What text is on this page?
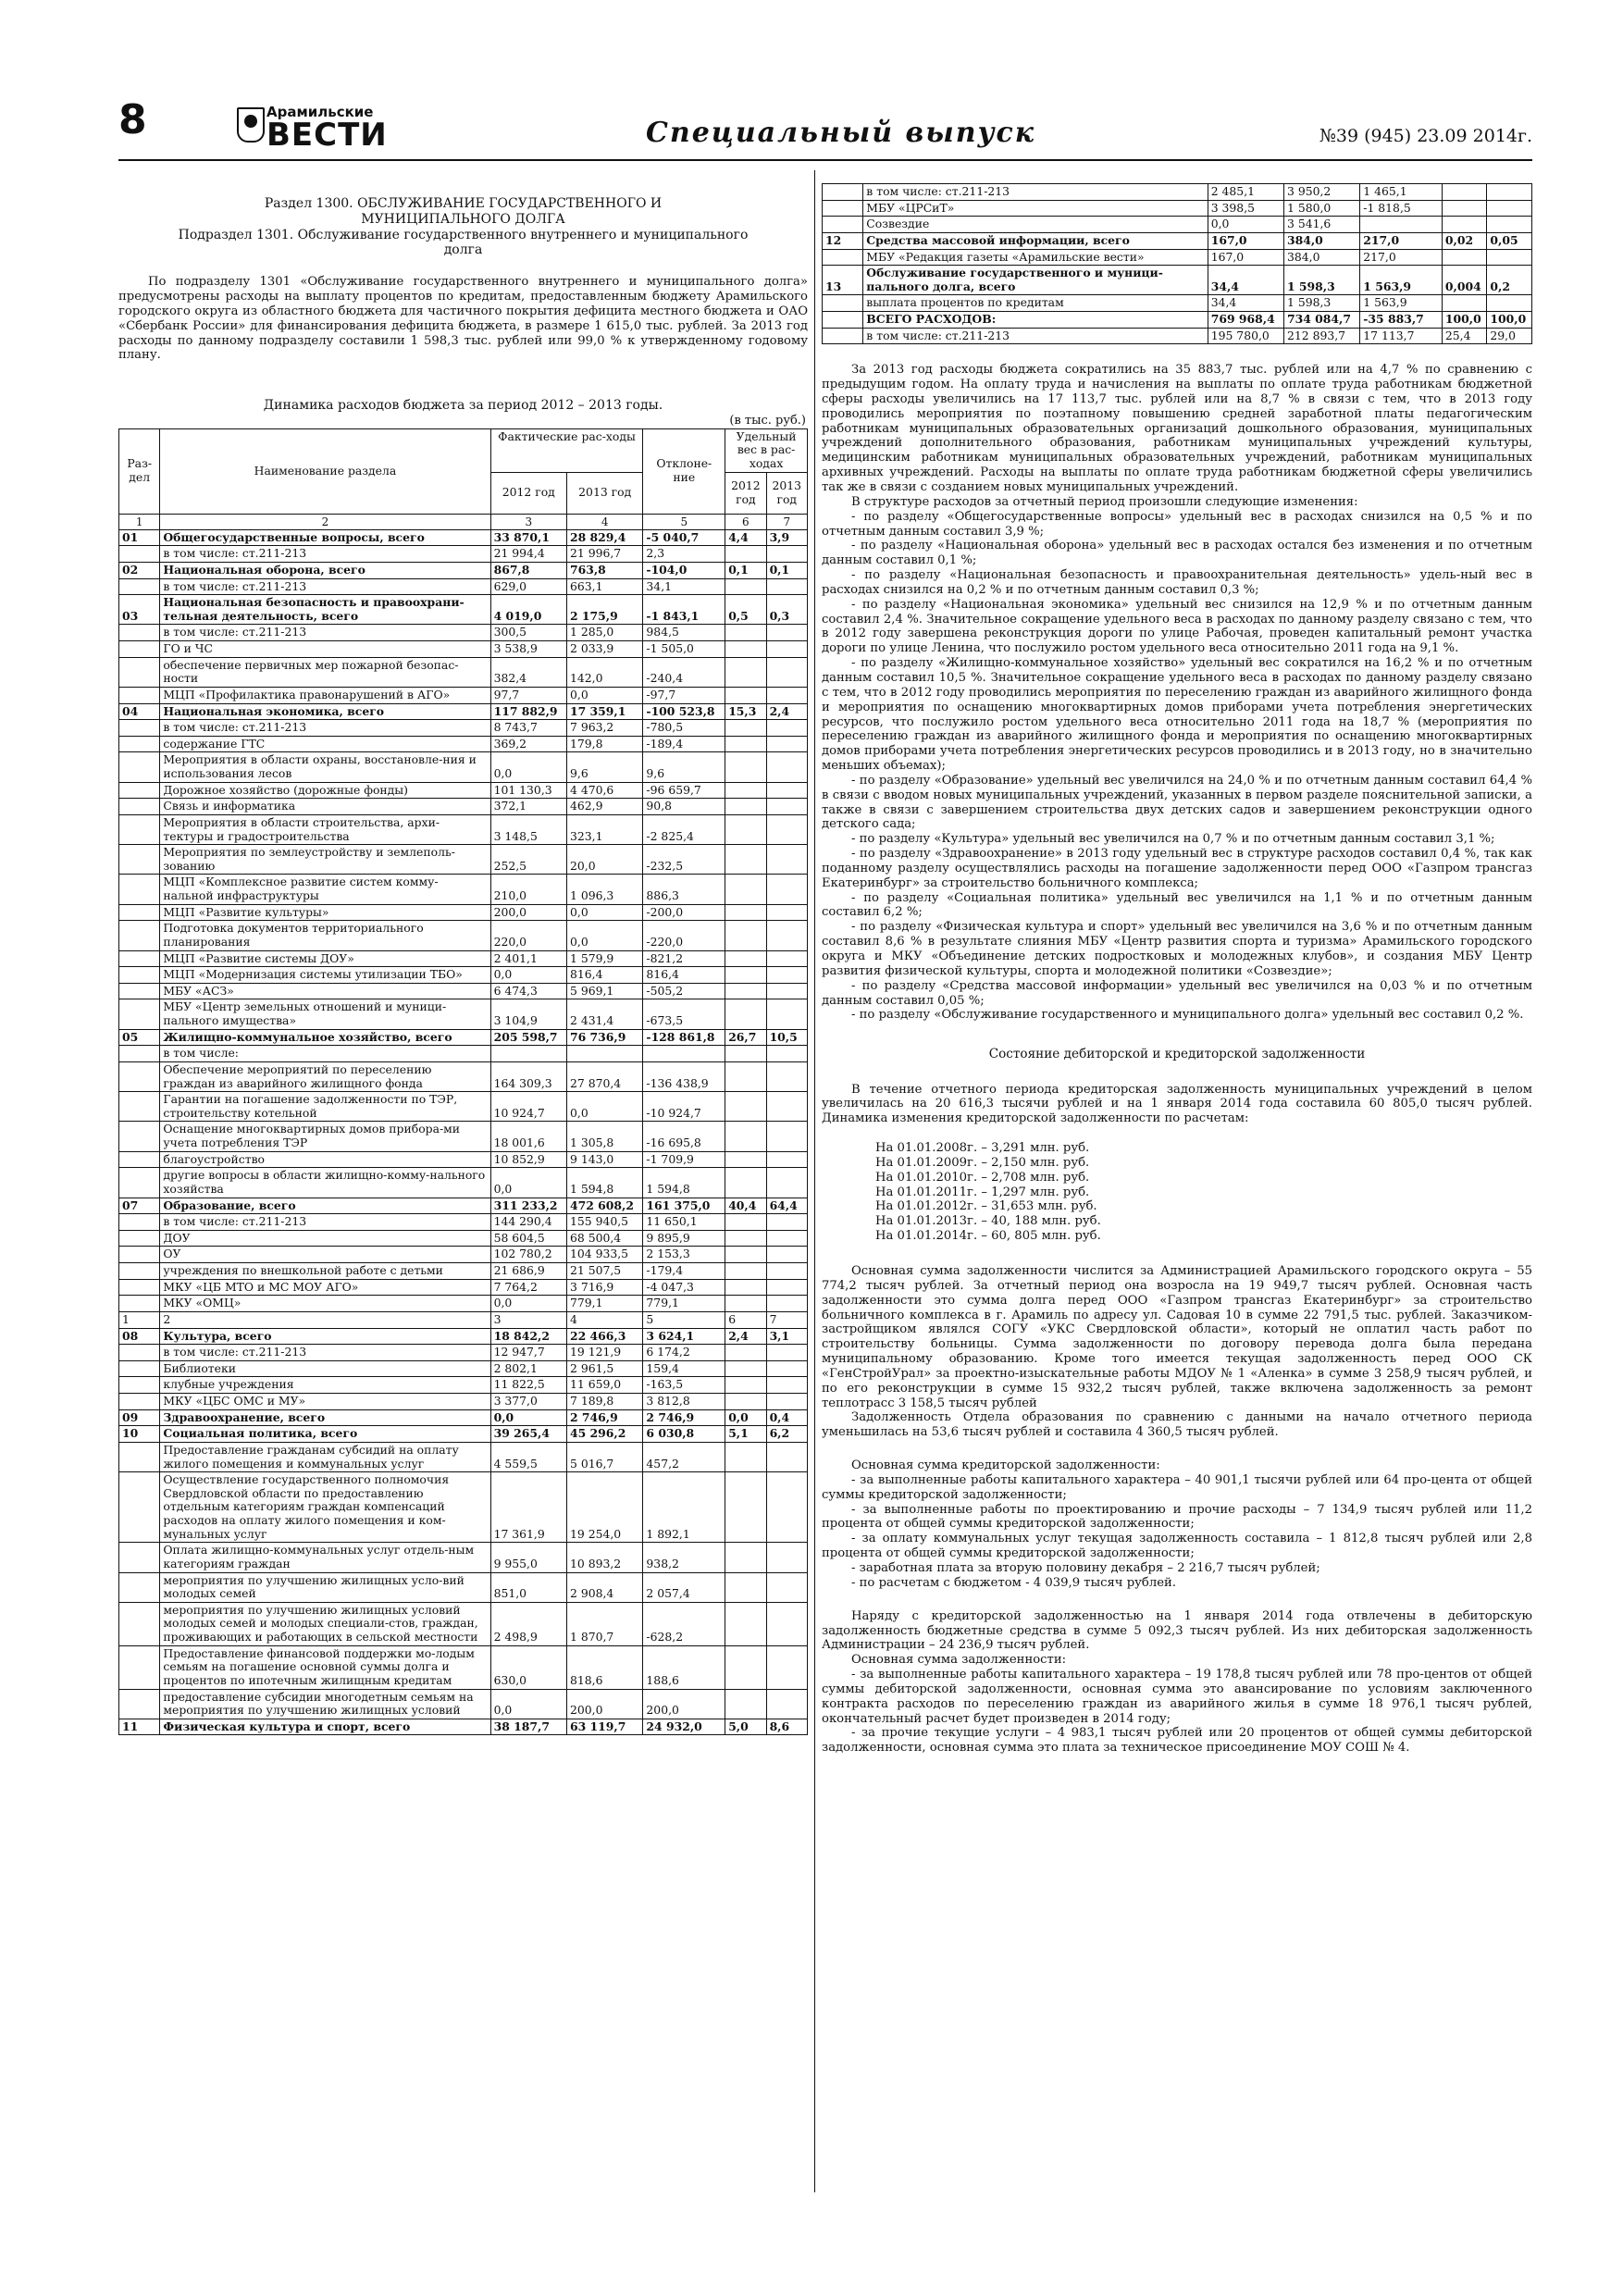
8	Арамильские
ВЕСТИ	Специальный выпуск	№39 (945) 23.09 2014г.
Раздел 1300. ОБСЛУЖИВАНИЕ ГОСУДАРСТВЕННОГО И МУНИЦИПАЛЬНОГО ДОЛГА
Подраздел 1301. Обслуживание государственного внутреннего и муниципального долга

По подразделу 1301 «Обслуживание государственного внутреннего и муниципального долга» предусмотрены расходы на выплату процентов по кредитам, предоставленным бюджету Арамильского городского округа из областного бюджета для частичного покрытия дефицита местного бюджета и ОАО «Сбербанк России» для финансирования дефицита бюджета, в размере 1 615,0 тыс. рублей. За 2013 год расходы по данному подразделу составили 1 598,3 тыс. рублей или 99,0 % к утвержденному годовому плану.

Динамика расходов бюджета за период 2012 – 2013 годы.
(в тыс. руб.)
Раз-дел	Наименование раздела	Фактические рас-ходы		Отклоне-ние	Удельный вес в рас-ходах	
		2012 год	2013 год		2012 год	2013 год
1	2	3	4	5	6	7
01	Общегосударственные вопросы, всего	33 870,1	28 829,4	-5 040,7	4,4	3,9
	в том числе: ст.211-213	21 994,4	21 996,7	2,3		
02	Национальная оборона, всего	867,8	763,8	-104,0	0,1	0,1
	в том числе: ст.211-213	629,0	663,1	34,1		
03	Национальная безопасность и правоохрани-тельная деятельность, всего	4 019,0	2 175,9	-1 843,1	0,5	0,3
	в том числе: ст.211-213	300,5	1 285,0	984,5		
	ГО и ЧС	3 538,9	2 033,9	-1 505,0		
	обеспечение первичных мер пожарной безопас-ности	382,4	142,0	-240,4		
	МЦП «Профилактика правонарушений в АГО»	97,7	0,0	-97,7		
04	Национальная экономика, всего	117 882,9	17 359,1	-100 523,8	15,3	2,4
	в том числе: ст.211-213	8 743,7	7 963,2	-780,5		
	содержание ГТС	369,2	179,8	-189,4		
	Мероприятия в области охраны, восстановле-ния и использования лесов	0,0	9,6	9,6		
	Дорожное хозяйство (дорожные фонды)	101 130,3	4 470,6	-96 659,7		
	Связь и информатика	372,1	462,9	90,8		
	Мероприятия в области строительства, архи-тектуры и градостроительства	3 148,5	323,1	-2 825,4		
	Мероприятия по землеустройству и землеполь-зованию	252,5	20,0	-232,5		
	МЦП «Комплексное развитие систем комму-нальной инфраструктуры	210,0	1 096,3	886,3		
	МЦП «Развитие культуры»	200,0	0,0	-200,0		
	Подготовка документов территориального планирования	220,0	0,0	-220,0		
	МЦП «Развитие системы ДОУ»	2 401,1	1 579,9	-821,2		
	МЦП «Модернизация системы утилизации ТБО»	0,0	816,4	816,4		
	МБУ «АСЗ»	6 474,3	5 969,1	-505,2		
	МБУ «Центр земельных отношений и муници-пального имущества»	3 104,9	2 431,4	-673,5		
05	Жилищно-коммунальное хозяйство, всего	205 598,7	76 736,9	-128 861,8	26,7	10,5
	в том числе:					
	Обеспечение мероприятий по переселению граждан из аварийного жилищного фонда	164 309,3	27 870,4	-136 438,9		
	Гарантии на погашение задолженности по ТЭР, строительству котельной	10 924,7	0,0	-10 924,7		
	Оснащение многоквартирных домов прибора-ми учета потребления ТЭР	18 001,6	1 305,8	-16 695,8		
	благоустройство	10 852,9	9 143,0	-1 709,9		
	другие вопросы в области жилищно-комму-нального хозяйства	0,0	1 594,8	1 594,8		
07	Образование, всего	311 233,2	472 608,2	161 375,0	40,4	64,4
	в том числе: ст.211-213	144 290,4	155 940,5	11 650,1		
	ДОУ	58 604,5	68 500,4	9 895,9		
	ОУ	102 780,2	104 933,5	2 153,3		
	учреждения по внешкольной работе с детьми	21 686,9	21 507,5	-179,4		
	МКУ «ЦБ МТО и МС МОУ АГО»	7 764,2	3 716,9	-4 047,3		
	МКУ «ОМЦ»	0,0	779,1	779,1		
1	2	3	4	5	6	7
08	Культура, всего	18 842,2	22 466,3	3 624,1	2,4	3,1
	в том числе: ст.211-213	12 947,7	19 121,9	6 174,2		
	Библиотеки	2 802,1	2 961,5	159,4		
	клубные учреждения	11 822,5	11 659,0	-163,5		
	МКУ «ЦБС ОМС и МУ»	3 377,0	7 189,8	3 812,8		
09	Здравоохранение, всего	0,0	2 746,9	2 746,9	0,0	0,4
10	Социальная политика, всего	39 265,4	45 296,2	6 030,8	5,1	6,2
	Предоставление гражданам субсидий на оплату жилого помещения и коммунальных услуг	4 559,5	5 016,7	457,2		
	Осуществление государственного полномочия Свердловской области по предоставлению отдельным категориям граждан компенсаций расходов на оплату жилого помещения и ком-мунальных услуг	17 361,9	19 254,0	1 892,1		
	Оплата жилищно-коммунальных услуг отдель-ным категориям граждан	9 955,0	10 893,2	938,2		
	мероприятия по улучшению жилищных усло-вий молодых семей	851,0	2 908,4	2 057,4		
	мероприятия по улучшению жилищных условий молодых семей и молодых специали-стов, граждан, проживающих и работающих в сельской местности	2 498,9	1 870,7	-628,2		
	Предоставление финансовой поддержки мо-лодым семьям на погашение основной суммы долга и процентов по ипотечным жилищным кредитам	630,0	818,6	188,6		
	предоставление субсидии многодетным семьям на мероприятия по улучшению жилищных условий	0,0	200,0	200,0		
11	Физическая культура и спорт, всего	38 187,7	63 119,7	24 932,0	5,0	8,6
	в том числе: ст.211-213	2 485,1	3 950,2	1 465,1		
	МБУ «ЦРСиТ»	3 398,5	1 580,0	-1 818,5		
	Созвездие	0,0	3 541,6			
12	Средства массовой информации, всего	167,0	384,0	217,0	0,02	0,05
	МБУ «Редакция газеты «Арамильские вести»	167,0	384,0	217,0		
13	Обслуживание государственного и муници-пального долга, всего	34,4	1 598,3	1 563,9	0,004	0,2
	выплата процентов по кредитам	34,4	1 598,3	1 563,9		
	ВСЕГО РАСХОДОВ:	769 968,4	734 084,7	-35 883,7	100,0	100,0
	в том числе: ст.211-213	195 780,0	212 893,7	17 113,7	25,4	29,0

За 2013 год расходы бюджета сократились на 35 883,7 тыс. рублей или на 4,7 % по сравнению с предыдущим годом. На оплату труда и начисления на выплаты по оплате труда работникам бюджетной сферы расходы увеличились на 17 113,7 тыс. рублей или на 8,7 % в связи с тем, что в 2013 году проводились мероприятия по поэтапному повышению средней заработной платы педагогическим работникам муниципальных образовательных организаций дошкольного образования, муниципальных учреждений дополнительного образования, работникам муниципальных учреждений культуры, медицинским работникам муниципальных образовательных учреждений, работникам муниципальных архивных учреждений. Расходы на выплаты по оплате труда работникам бюджетной сферы увеличились так же в связи с созданием новых муниципальных учреждений.

В структуре расходов за отчетный период произошли следующие изменения:

- по разделу «Общегосударственные вопросы» удельный вес в расходах снизился на 0,5 % и по отчетным данным составил 3,9 %;

- по разделу «Национальная оборона» удельный вес в расходах остался без изменения и по отчетным данным составил 0,1 %;

- по разделу «Национальная безопасность и правоохранительная деятельность» удель-ный вес в расходах снизился на 0,2 % и по отчетным данным составил 0,3 %;

- по разделу «Национальная экономика» удельный вес снизился на 12,9 % и по отчетным данным составил 2,4 %. Значительное сокращение удельного веса в расходах по данному разделу связано с тем, что в 2012 году завершена реконструкция дороги по улице Рабочая, проведен капитальный ремонт участка дороги по улице Ленина, что послужило ростом удельного веса относительно 2011 года на 9,1 %.

- по разделу «Жилищно-коммунальное хозяйство» удельный вес сократился на 16,2 % и по отчетным данным составил 10,5 %. Значительное сокращение удельного веса в расходах по данному разделу связано с тем, что в 2012 году проводились мероприятия по переселению граждан из аварийного жилищного фонда и мероприятия по оснащению многоквартирных домов приборами учета потребления энергетических ресурсов, что послужило ростом удельного веса относительно 2011 года на 18,7 % (мероприятия по переселению граждан из аварийного жилищного фонда и мероприятия по оснащению многоквартирных домов приборами учета потребления энергетических ресурсов проводились и в 2013 году, но в значительно меньших объемах);

- по разделу «Образование» удельный вес увеличился на 24,0 % и по отчетным данным составил 64,4 % в связи с вводом новых муниципальных учреждений, указанных в первом разделе пояснительной записки, а также в связи с завершением строительства двух детских садов и завершением реконструкции одного детского сада;

- по разделу «Культура» удельный вес увеличился на 0,7 % и по отчетным данным составил 3,1 %;

- по разделу «Здравоохранение» в 2013 году удельный вес в структуре расходов составил 0,4 %, так как поданному разделу осуществлялись расходы на погашение задолженности перед ООО «Газпром трансгаз Екатеринбург» за строительство больничного комплекса;

- по разделу «Социальная политика» удельный вес увеличился на 1,1 % и по отчетным данным составил 6,2 %;

- по разделу «Физическая культура и спорт» удельный вес увеличился на 3,6 % и по отчетным данным составил 8,6 % в результате слияния МБУ «Центр развития спорта и туризма» Арамильского городского округа и МКУ «Объединение детских подростковых и молодежных клубов», и создания МБУ Центр развития физической культуры, спорта и молодежной политики «Созвездие»;

- по разделу «Средства массовой информации» удельный вес увеличился на 0,03 % и по отчетным данным составил 0,05 %;

- по разделу «Обслуживание государственного и муниципального долга» удельный вес составил 0,2 %.

Состояние дебиторской и кредиторской задолженности

В течение отчетного периода кредиторская задолженность муниципальных учреждений в целом увеличилась на 20 616,3 тысячи рублей и на 1 января 2014 года составила 60 805,0 тысяч рублей. Динамика изменения кредиторской задолженности по расчетам:

На 01.01.2008г. – 3,291 млн. руб.
На 01.01.2009г. – 2,150 млн. руб.
На 01.01.2010г. – 2,708 млн. руб.
На 01.01.2011г. – 1,297 млн. руб.
На 01.01.2012г. – 31,653 млн. руб.
На 01.01.2013г. – 40, 188 млн. руб.
На 01.01.2014г. – 60, 805 млн. руб.

Основная сумма задолженности числится за Администрацией Арамильского городского округа – 55 774,2 тысяч рублей. За отчетный период она возросла на 19 949,7 тысяч рублей. Основная часть задолженности это сумма долга перед ООО «Газпром трансгаз Екатеринбург» за строительство больничного комплекса в г. Арамиль по адресу ул. Садовая 10 в сумме 22 791,5 тыс. рублей. Заказчиком-застройщиком являлся СОГУ «УКС Свердловской области», который не оплатил часть работ по строительству больницы. Сумма задолженности по договору перевода долга была передана муниципальному образованию. Кроме того имеется текущая задолженность перед ООО СК «ГенСтройУрал» за проектно-изыскательные работы МДОУ № 1 «Аленка» в сумме 3 258,9 тысяч рублей, и по его реконструкции в сумме 15 932,2 тысяч рублей, также включена задолженность за ремонт теплотрасс 3 158,5 тысяч рублей

Задолженность Отдела образования по сравнению с данными на начало отчетного периода уменьшилась на 53,6 тысяч рублей и составила 4 360,5 тысяч рублей.

Основная сумма кредиторской задолженности:

- за выполненные работы капитального характера – 40 901,1 тысячи рублей или 64 про-цента от общей суммы кредиторской задолженности;

- за выполненные работы по проектированию и прочие расходы – 7 134,9 тысяч рублей или 11,2 процента от общей суммы кредиторской задолженности;

- за оплату коммунальных услуг текущая задолженность составила – 1 812,8 тысяч рублей или 2,8 процента от общей суммы кредиторской задолженности;

- заработная плата за вторую половину декабря – 2 216,7 тысяч рублей;

- по расчетам с бюджетом - 4 039,9 тысяч рублей.

Наряду с кредиторской задолженностью на 1 января 2014 года отвлечены в дебиторскую задолженность бюджетные средства в сумме 5 092,3 тысяч рублей. Из них дебиторская задолженность Администрации – 24 236,9 тысяч рублей.

Основная сумма задолженности:

- за выполненные работы капитального характера – 19 178,8 тысяч рублей или 78 про-центов от общей суммы дебиторской задолженности, основная сумма это авансирование по условиям заключенного контракта расходов по переселению граждан из аварийного жилья в сумме 18 976,1 тысяч рублей, окончательный расчет будет произведен в 2014 году;

- за прочие текущие услуги – 4 983,1 тысяч рублей или 20 процентов от общей суммы дебиторской задолженности, основная сумма это плата за техническое присоединение МОУ СОШ № 4.
